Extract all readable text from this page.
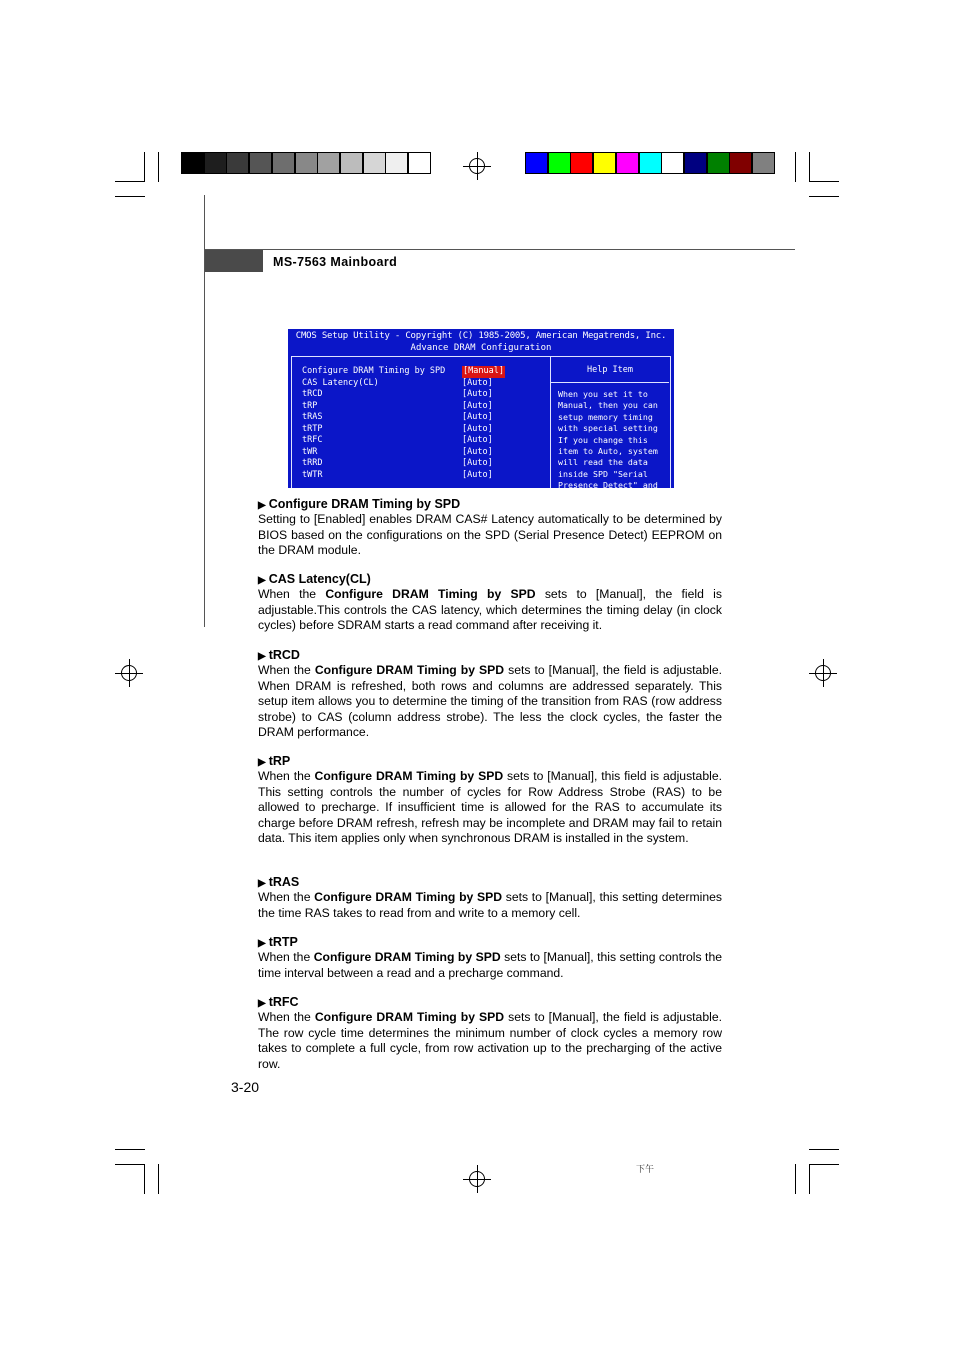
MS-7563 Mainboard
CMOS Setup Utility - Copyright (C) 1985-2005, American Megatrends, Inc.
Advance DRAM Configuration
Help Item
Configure DRAM Timing by SPD [Manual]
CAS Latency(CL)	[Auto]
tRCD	[Auto]
tRP	[Auto]
tRAS	[Auto]
tRTP	[Auto]
tRFC	[Auto]
tWR	[Auto]
tRRD	[Auto]
tWTR	[Auto]
When you set it to
Manual, then you can
setup memory timing
with special setting
If you change this
item to Auto, system
will read the data
inside SPD "Serial
Presence Detect" and
▶ Configure DRAM Timing by SPD
Setting to [Enabled] enables DRAM CAS# Latency automatically to be determined by BIOS based on the configurations on the SPD (Serial Presence Detect) EEPROM on the DRAM module.
▶ CAS Latency(CL)
When the Configure DRAM Timing by SPD sets to [Manual], the field is adjustable.This controls the CAS latency, which determines the timing delay (in clock cycles) before SDRAM starts a read command after receiving it.
▶ tRCD
When the Configure DRAM Timing by SPD sets to [Manual], the field is adjustable. When DRAM is refreshed, both rows and columns are addressed separately. This setup item allows you to determine the timing of the transition from RAS (row address strobe) to CAS (column address strobe). The less the clock cycles, the faster the DRAM performance.
▶ tRP
When the Configure DRAM Timing by SPD sets to [Manual], this field is adjustable. This setting controls the number of cycles for Row Address Strobe (RAS) to be allowed to precharge. If insufficient time is allowed for the RAS to accumulate its charge before DRAM refresh, refresh may be incomplete and DRAM may fail to retain data. This item applies only when synchronous DRAM is installed in the system.
▶ tRAS
When the Configure DRAM Timing by SPD sets to [Manual], this setting determines the time RAS takes to read from and write to a memory cell.
▶ tRTP
When the Configure DRAM Timing by SPD sets to [Manual], this setting controls the time interval between a read and a precharge command.
▶ tRFC
When the Configure DRAM Timing by SPD sets to [Manual], the field is adjustable. The row cycle time determines the minimum number of clock cycles a memory row takes to complete a full cycle, from row activation up to the precharging of the active row.
3-20
下午
